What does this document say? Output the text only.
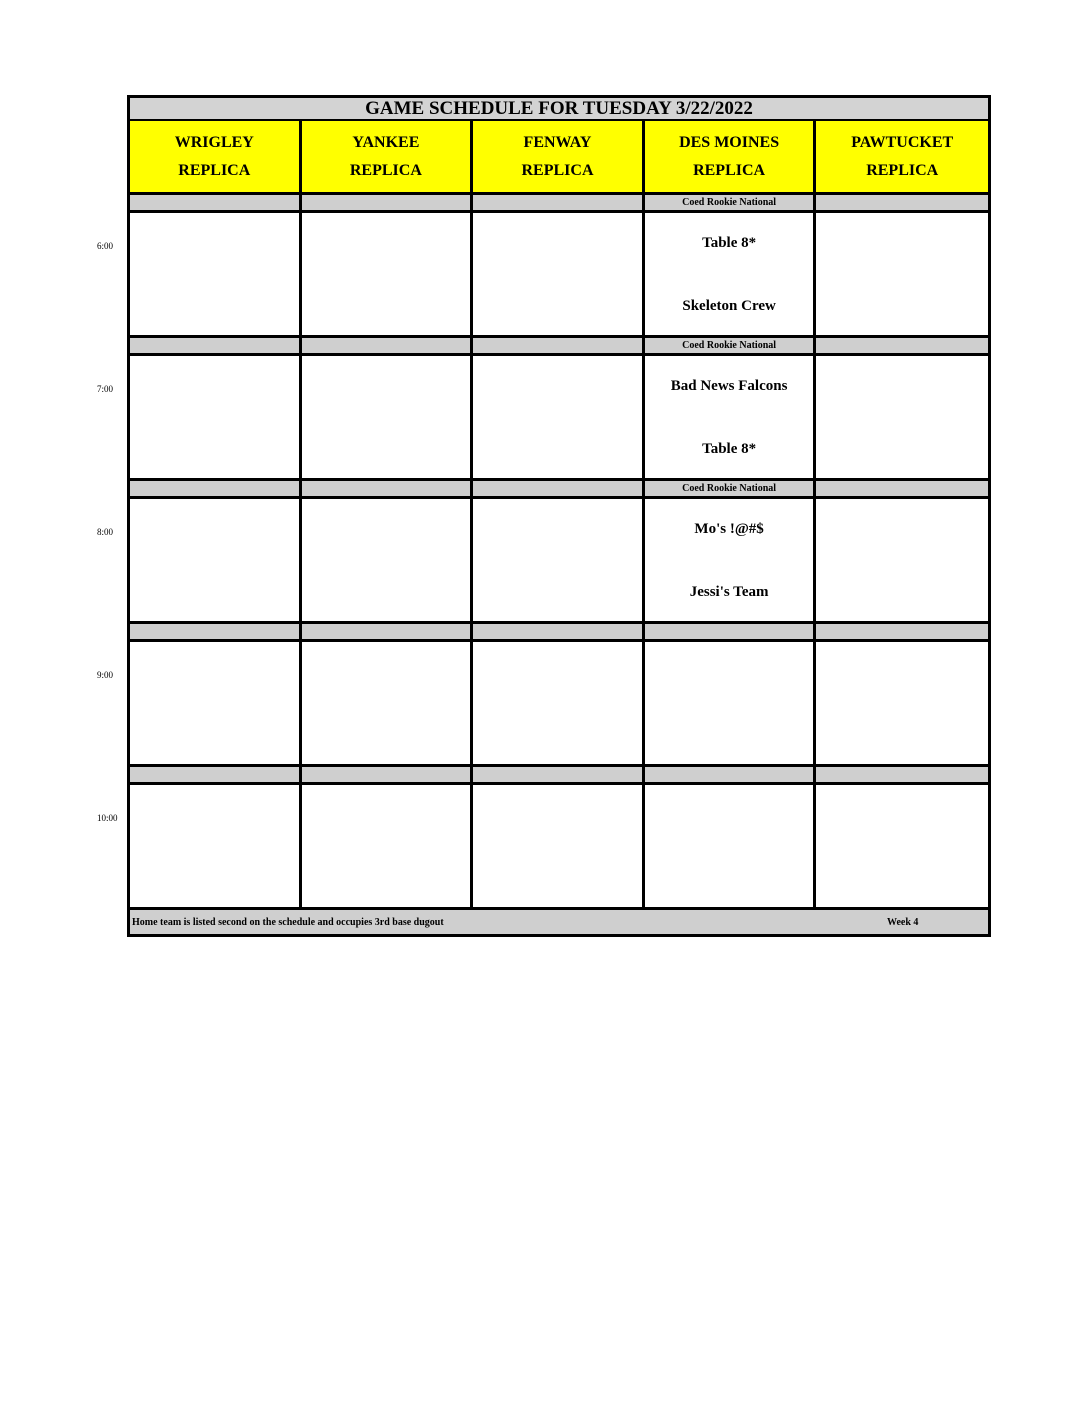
GAME SCHEDULE FOR TUESDAY 3/22/2022
WRIGLEY
REPLICA
YANKEE
REPLICA
FENWAY
REPLICA
DES MOINES
REPLICA
PAWTUCKET
REPLICA
Coed Rookie National
Table 8*
Skeleton Crew
6:00
Coed Rookie National
Bad News Falcons
Table 8*
7:00
Coed Rookie National
Mo's !@#$
Jessi's Team
8:00
9:00
10:00
Home team is listed second on the schedule and occupies 3rd base dugout	Week 4
